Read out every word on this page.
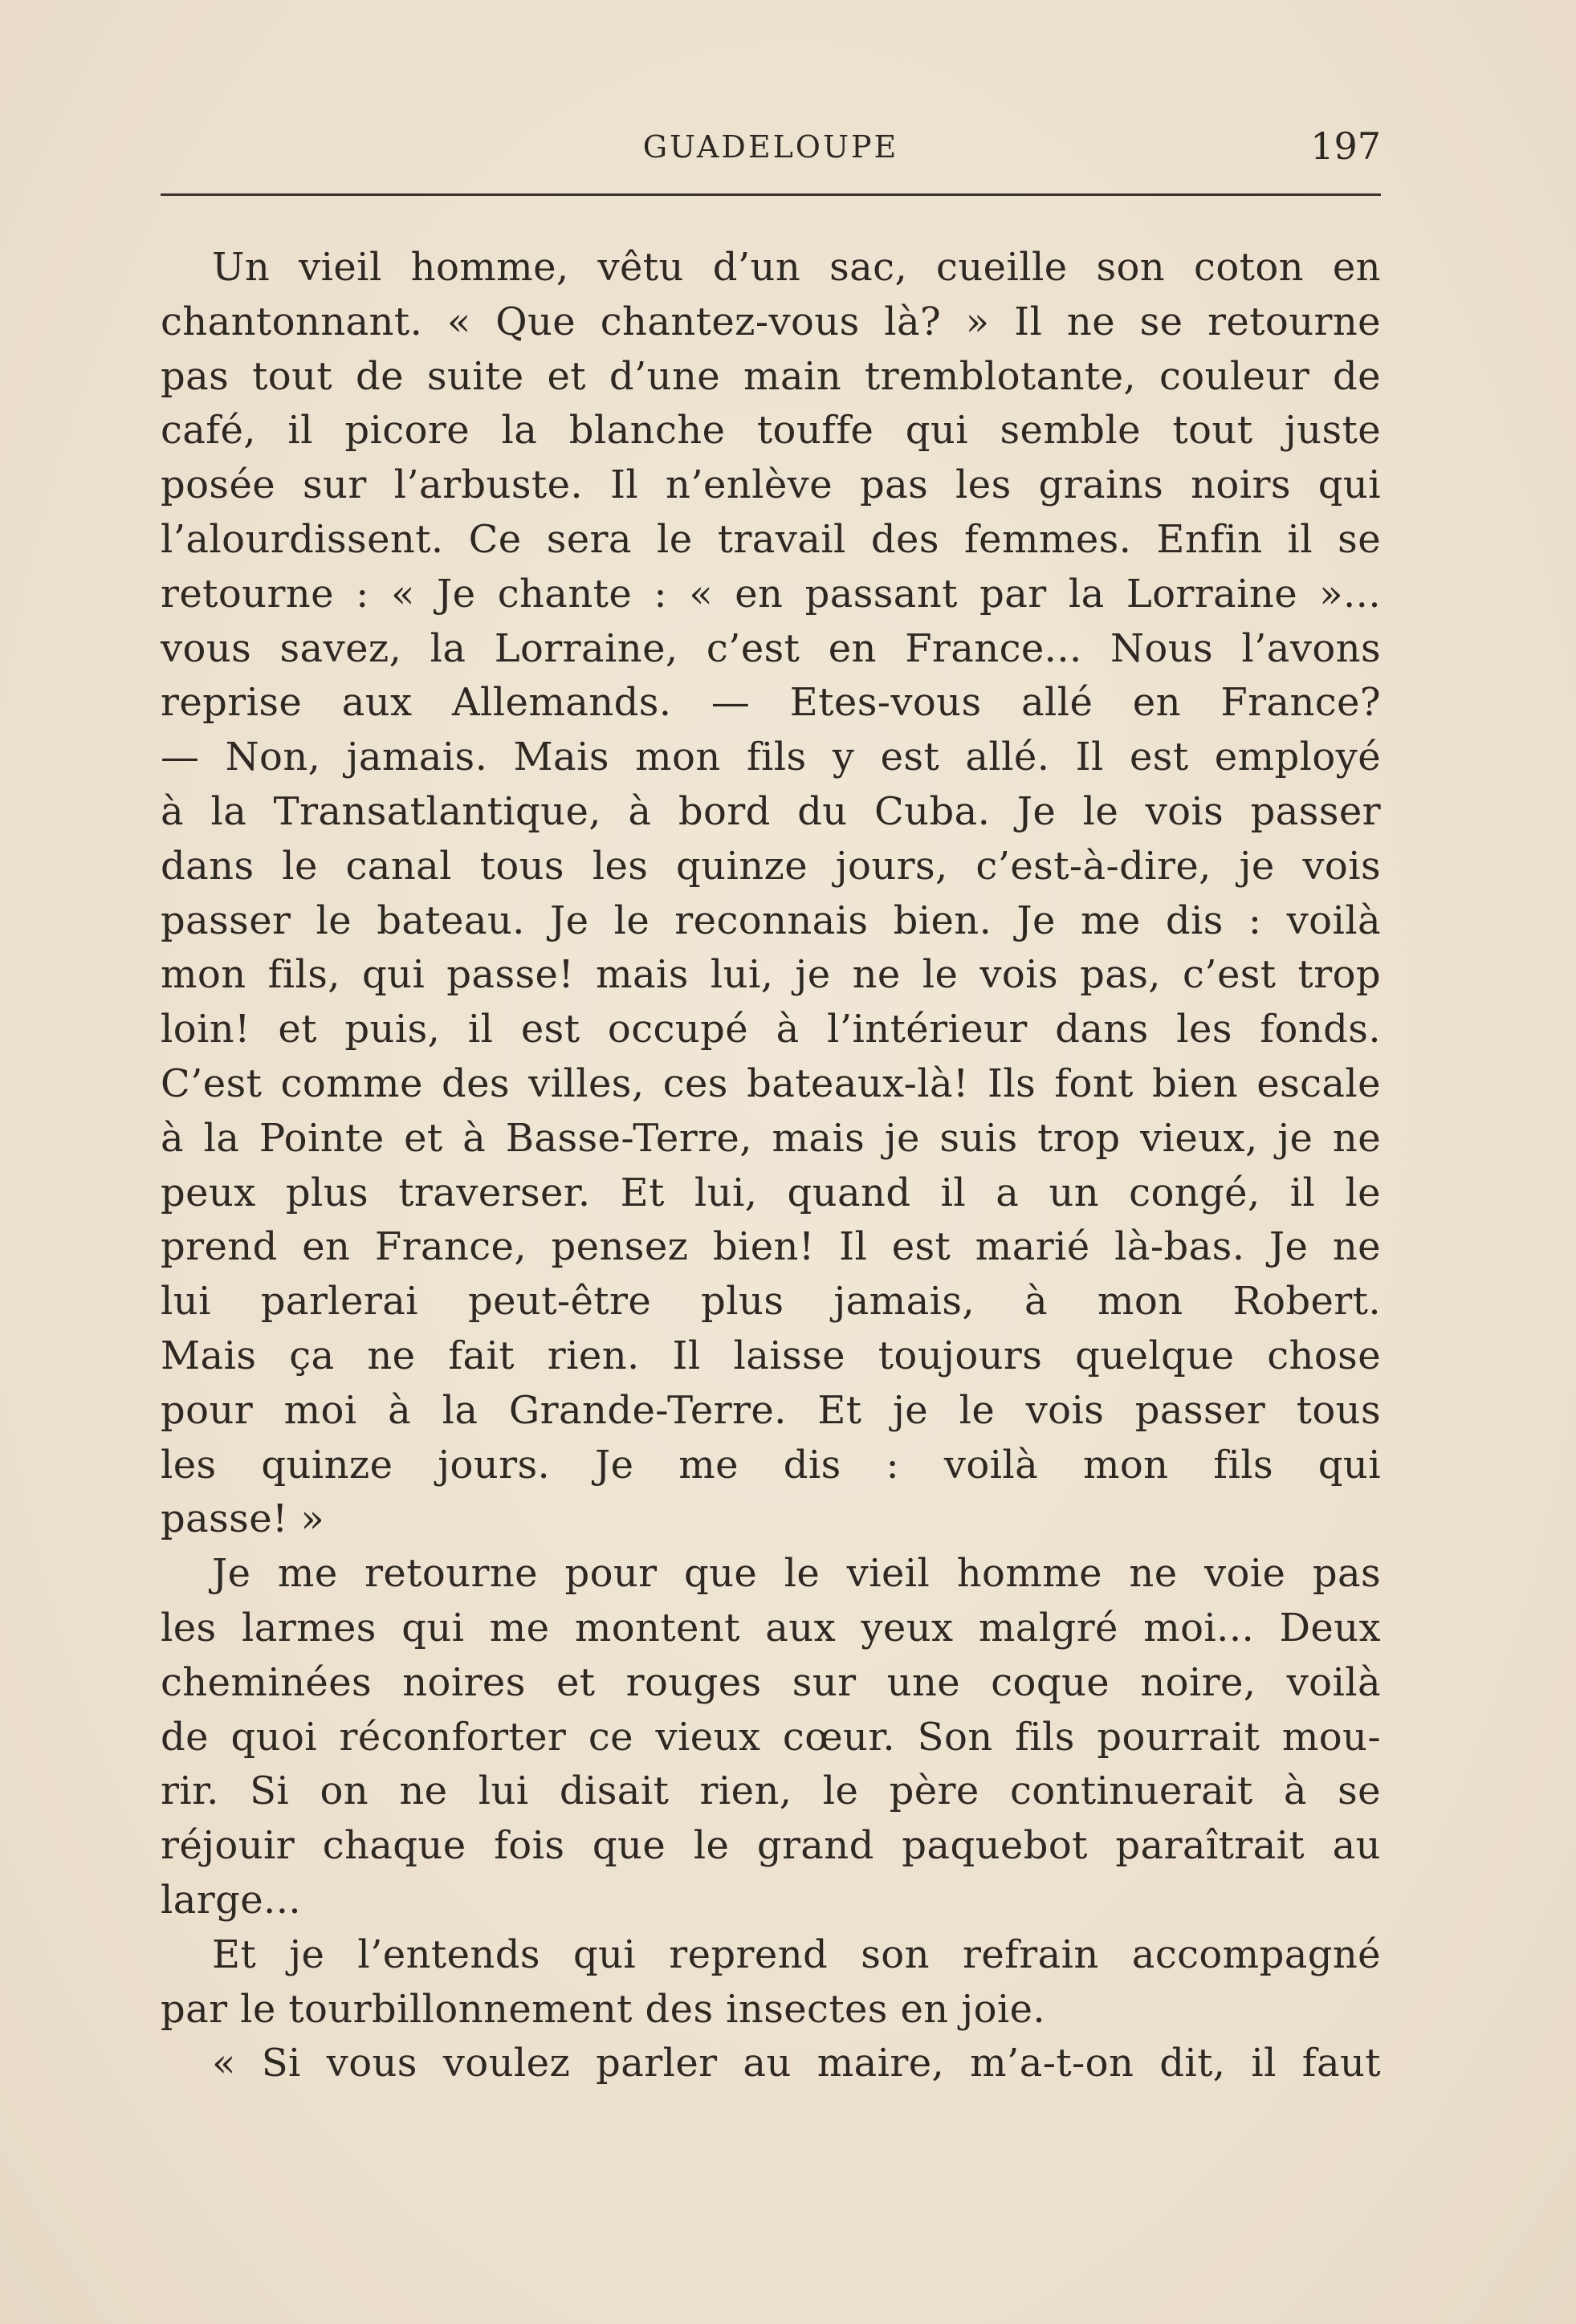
GUADELOUPE	197
Un vieil homme, vêtu d’un sac, cueille son coton en
chantonnant. « Que chantez-vous là? » Il ne se retourne
pas tout de suite et d’une main tremblotante, couleur de
café, il picore la blanche touffe qui semble tout juste
posée sur l’arbuste. Il n’enlève pas les grains noirs qui
l’alourdissent. Ce sera le travail des femmes. Enfin il se
retourne : « Je chante : « en passant par la Lorraine »...
vous savez, la Lorraine, c’est en France... Nous l’avons
reprise aux Allemands. — Etes-vous allé en France?
— Non, jamais. Mais mon fils y est allé. Il est employé
à la Transatlantique, à bord du Cuba. Je le vois passer
dans le canal tous les quinze jours, c’est-à-dire, je vois
passer le bateau. Je le reconnais bien. Je me dis : voilà
mon fils, qui passe! mais lui, je ne le vois pas, c’est trop
loin! et puis, il est occupé à l’intérieur dans les fonds.
C’est comme des villes, ces bateaux-là! Ils font bien escale
à la Pointe et à Basse-Terre, mais je suis trop vieux, je ne
peux plus traverser. Et lui, quand il a un congé, il le
prend en France, pensez bien! Il est marié là-bas. Je ne
lui parlerai peut-être plus jamais, à mon Robert.
Mais ça ne fait rien. Il laisse toujours quelque chose
pour moi à la Grande-Terre. Et je le vois passer tous
les quinze jours. Je me dis : voilà mon fils qui
passe! »
Je me retourne pour que le vieil homme ne voie pas
les larmes qui me montent aux yeux malgré moi... Deux
cheminées noires et rouges sur une coque noire, voilà
de quoi réconforter ce vieux cœur. Son fils pourrait mou-
rir. Si on ne lui disait rien, le père continuerait à se
réjouir chaque fois que le grand paquebot paraîtrait au
large...
Et je l’entends qui reprend son refrain accompagné
par le tourbillonnement des insectes en joie.
« Si vous voulez parler au maire, m’a-t-on dit, il faut
